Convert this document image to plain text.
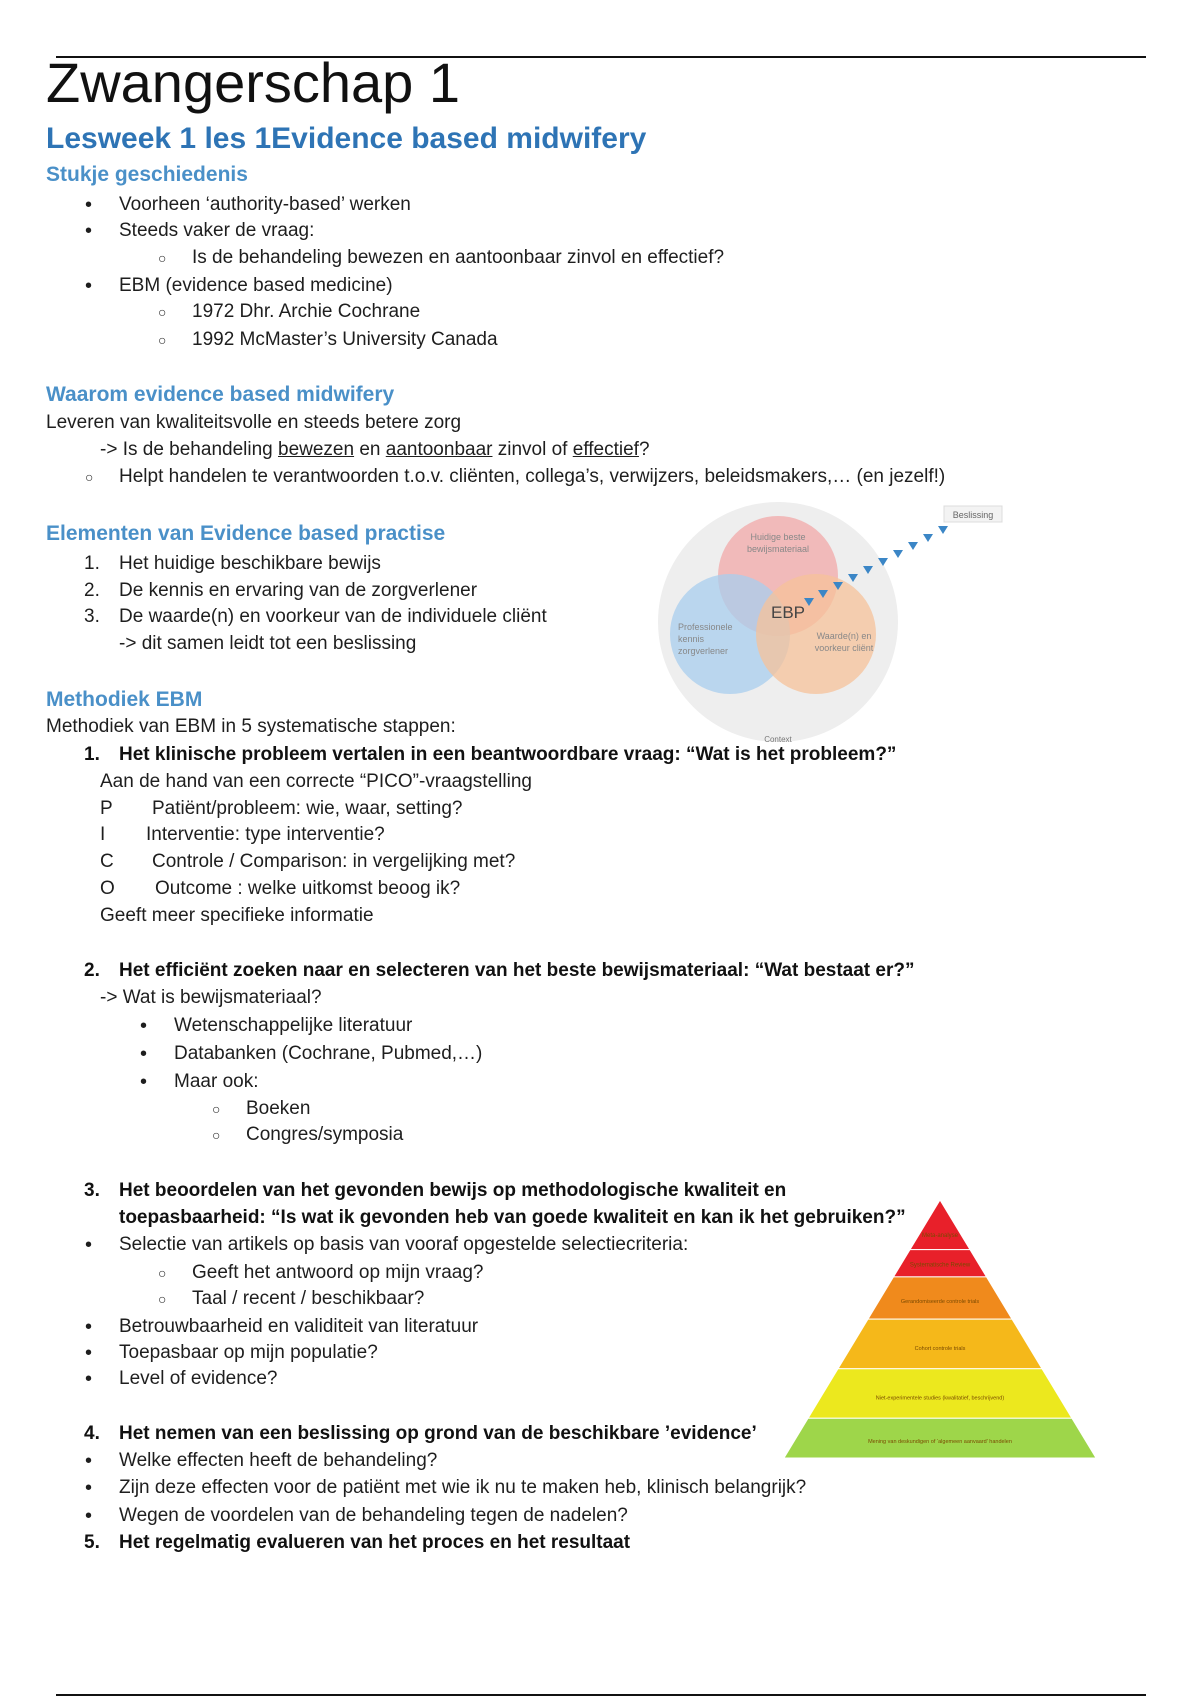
Zwangerschap 1
Lesweek 1 les 1Evidence based midwifery
Stukje geschiedenis
• Voorheen ‘authority-based’ werken
• Steeds vaker de vraag:
○ Is de behandeling bewezen en aantoonbaar zinvol en effectief?
• EBM (evidence based medicine)
○ 1972 Dhr. Archie Cochrane
○ 1992 McMaster’s University Canada
Waarom evidence based midwifery
Leveren van kwaliteitsvolle en steeds betere zorg
-> Is de behandeling bewezen en aantoonbaar zinvol of effectief?
○ Helpt handelen te verantwoorden t.o.v. cliënten, collega’s, verwijzers, beleidsmakers,… (en jezelf!)
Elementen van Evidence based practise
1. Het huidige beschikbare bewijs
2. De kennis en ervaring van de zorgverlener
3. De waarde(n) en voorkeur van de individuele cliënt
-> dit samen leidt tot een beslissing
Beslissing
EBP
Huidige beste
bewijsmateriaal
Professionele
kennis
zorgverlener
Waarde(n) en
voorkeur cliënt
Context
Methodiek EBM
Methodiek van EBM in 5 systematische stappen:
1. Het klinische probleem vertalen in een beantwoordbare vraag: “Wat is het probleem?”
Aan de hand van een correcte “PICO”-vraagstelling
P Patiënt/probleem: wie, waar, setting?
I Interventie: type interventie?
C Controle / Comparison: in vergelijking met?
O Outcome : welke uitkomst beoog ik?
Geeft meer specifieke informatie
2. Het efficiënt zoeken naar en selecteren van het beste bewijsmateriaal: “Wat bestaat er?”
-> Wat is bewijsmateriaal?
• Wetenschappelijke literatuur
• Databanken (Cochrane, Pubmed,…)
• Maar ook:
○ Boeken
○ Congres/symposia
3. Het beoordelen van het gevonden bewijs op methodologische kwaliteit en
toepasbaarheid: “Is wat ik gevonden heb van goede kwaliteit en kan ik het gebruiken?”
• Selectie van artikels op basis van vooraf opgestelde selectiecriteria:
○ Geeft het antwoord op mijn vraag?
○ Taal / recent / beschikbaar?
• Betrouwbaarheid en validiteit van literatuur
• Toepasbaar op mijn populatie?
• Level of evidence?
Meta-analyse
Systematische Review
Gerandomiseerde controle trials
Cohort controle trials
Niet-experimentele studies (kwalitatief, beschrijvend)
Mening van deskundigen of ‘algemeen aanvaard’ handelen
4. Het nemen van een beslissing op grond van de beschikbare ’evidence’
• Welke effecten heeft de behandeling?
• Zijn deze effecten voor de patiënt met wie ik nu te maken heb, klinisch belangrijk?
• Wegen de voordelen van de behandeling tegen de nadelen?
5. Het regelmatig evalueren van het proces en het resultaat
